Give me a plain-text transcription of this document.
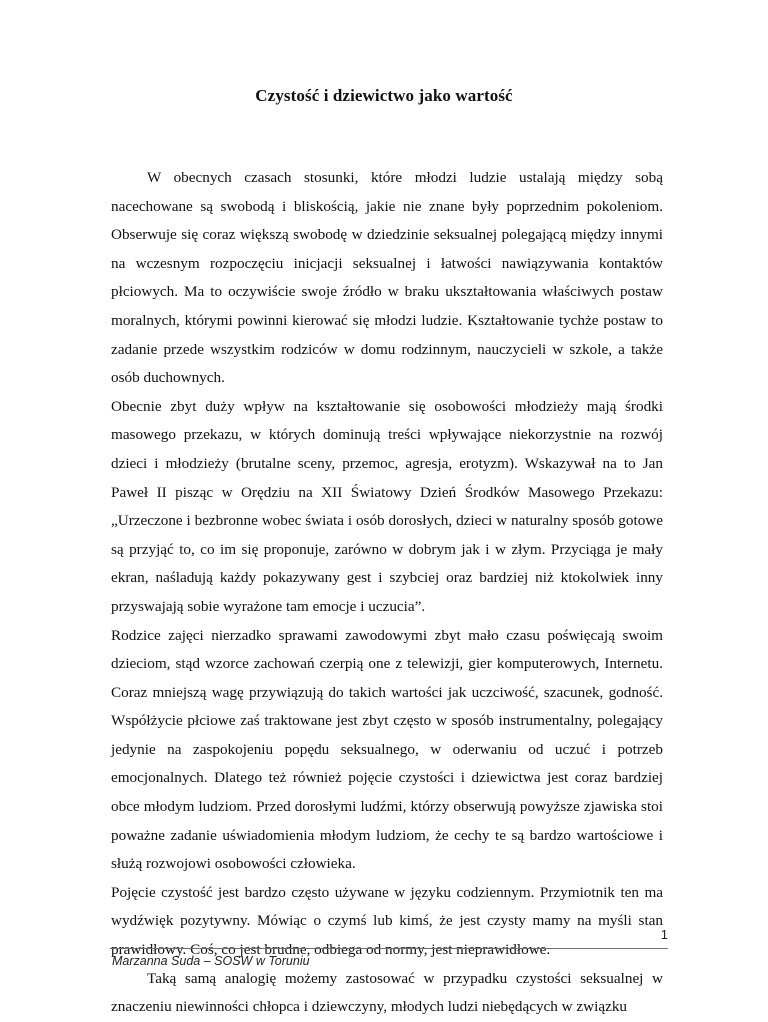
Czystość i dziewictwo jako wartość

W obecnych czasach stosunki, które młodzi ludzie ustalają między sobą nacechowane są swobodą i bliskością, jakie nie znane były poprzednim pokoleniom. Obserwuje się coraz większą swobodę w dziedzinie seksualnej polegającą między innymi na wczesnym rozpoczęciu inicjacji seksualnej i łatwości nawiązywania kontaktów płciowych. Ma to oczywiście swoje źródło w braku ukształtowania właściwych postaw moralnych, którymi powinni kierować się młodzi ludzie. Kształtowanie tychże postaw to zadanie przede wszystkim rodziców w domu rodzinnym, nauczycieli w szkole, a także osób duchownych.

Obecnie zbyt duży wpływ na kształtowanie się osobowości młodzieży mają środki masowego przekazu, w których dominują treści wpływające niekorzystnie na rozwój dzieci i młodzieży (brutalne sceny, przemoc, agresja, erotyzm). Wskazywał na to Jan Paweł II pisząc w Orędziu na XII Światowy Dzień Środków Masowego Przekazu: „Urzeczone i bezbronne wobec świata i osób dorosłych, dzieci w naturalny sposób gotowe są przyjąć to, co im się proponuje, zarówno w dobrym jak i w złym. Przyciąga je mały ekran, naśladują każdy pokazywany gest i szybciej oraz bardziej niż ktokolwiek inny przyswajają sobie wyrażone tam emocje i uczucia”.

Rodzice zajęci nierzadko sprawami zawodowymi zbyt mało czasu poświęcają swoim dzieciom, stąd wzorce zachowań czerpią one z telewizji, gier komputerowych, Internetu. Coraz mniejszą wagę przywiązują do takich wartości jak uczciwość, szacunek, godność. Współżycie płciowe zaś traktowane jest zbyt często w sposób instrumentalny, polegający jedynie na zaspokojeniu popędu seksualnego, w oderwaniu od uczuć i potrzeb emocjonalnych. Dlatego też również pojęcie czystości i dziewictwa jest coraz bardziej obce młodym ludziom. Przed dorosłymi ludźmi, którzy obserwują powyższe zjawiska stoi poważne zadanie uświadomienia młodym ludziom, że cechy te są bardzo wartościowe i służą rozwojowi osobowości człowieka.

Pojęcie czystość jest bardzo często używane w języku codziennym. Przymiotnik ten ma wydźwięk pozytywny. Mówiąc o czymś lub kimś, że jest czysty mamy na myśli stan prawidłowy. Coś, co jest brudne, odbiega od normy, jest nieprawidłowe.

Taką samą analogię możemy zastosować w przypadku czystości seksualnej w znaczeniu niewinności chłopca i dziewczyny, młodych ludzi niebędących w związku

1
Marzanna Suda – SOSW w Toruniu
